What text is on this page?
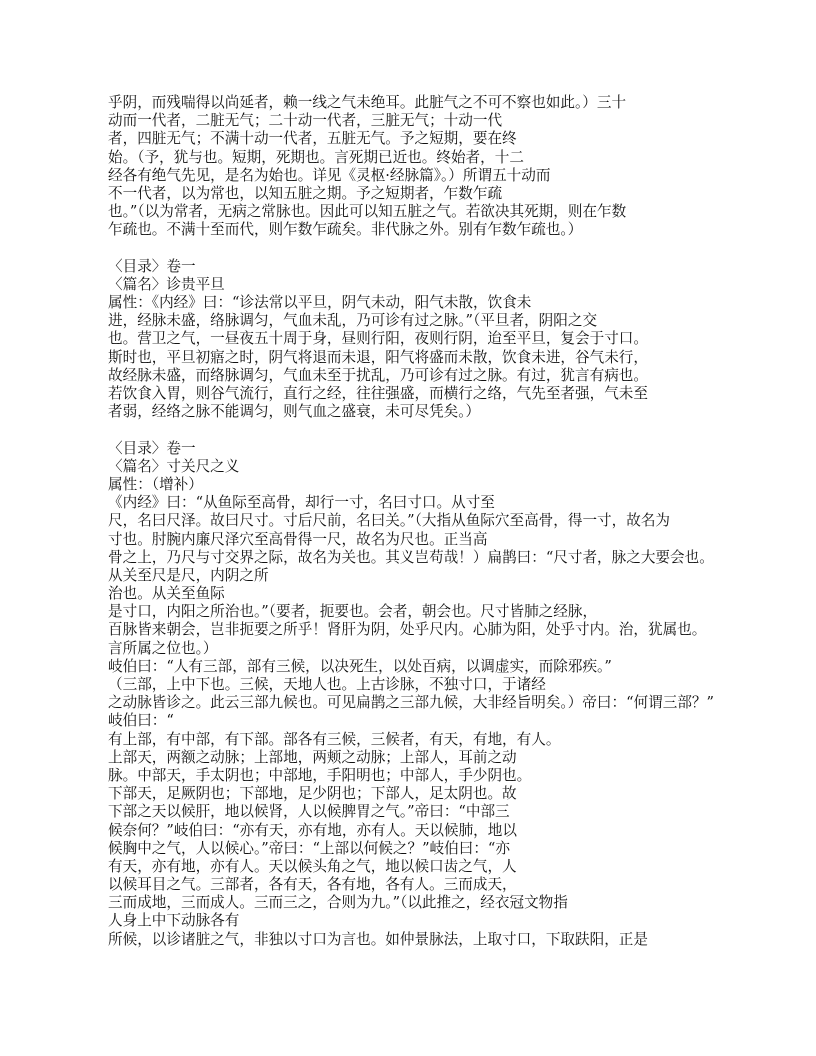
乎阴，而残喘得以尚延者，赖一线之气未绝耳。此脏气之不可不察也如此。）三十
动而一代者，二脏无气；二十动一代者，三脏无气；十动一代
者，四脏无气；不满十动一代者，五脏无气。予之短期，要在终
始。（予，犹与也。短期，死期也。言死期已近也。终始者，十二
经各有绝气先见，是名为始也。详见《灵枢·经脉篇》。）所谓五十动而
不一代者，以为常也，以知五脏之期。予之短期者，乍数乍疏
也。”（以为常者，无病之常脉也。因此可以知五脏之气。若欲决其死期，则在乍数
乍疏也。不满十至而代，则乍数乍疏矣。非代脉之外。别有乍数乍疏也。）
〈目录〉卷一
〈篇名〉诊贵平旦
属性：《内经》曰：“诊法常以平旦，阴气未动，阳气未散，饮食未
进，经脉未盛，络脉调匀，气血未乱，乃可诊有过之脉。”（平旦者，阴阳之交
也。营卫之气，一昼夜五十周于身，昼则行阳，夜则行阴，迨至平旦，复会于寸口。
斯时也，平旦初寤之时，阴气将退而未退，阳气将盛而未散，饮食未进，谷气未行，
故经脉未盛，而络脉调匀，气血未至于扰乱，乃可诊有过之脉。有过，犹言有病也。
若饮食入胃，则谷气流行，直行之经，往往强盛，而横行之络，气先至者强，气未至
者弱，经络之脉不能调匀，则气血之盛衰，未可尽凭矣。）
〈目录〉卷一
〈篇名〉寸关尺之义
属性：（增补）
《内经》曰：“从鱼际至高骨，却行一寸，名曰寸口。从寸至
尺，名曰尺泽。故曰尺寸。寸后尺前，名曰关。”（大指从鱼际穴至高骨，得一寸，故名为
寸也。肘腕内廉尺泽穴至高骨得一尺，故名为尺也。正当高
骨之上，乃尺与寸交界之际，故名为关也。其义岂苟哉！）扁鹊曰：“尺寸者，脉之大要会也。
从关至尺是尺，内阴之所
治也。从关至鱼际
是寸口，内阳之所治也。”（要者，扼要也。会者，朝会也。尺寸皆肺之经脉，
百脉皆来朝会，岂非扼要之所乎！肾肝为阴，处乎尺内。心肺为阳，处乎寸内。治，犹属也。
言所属之位也。）
岐伯曰：“人有三部，部有三候，以决死生，以处百病，以调虚实，而除邪疾。”
（三部，上中下也。三候，天地人也。上古诊脉，不独寸口，于诸经
之动脉皆诊之。此云三部九候也。可见扁鹊之三部九候，大非经旨明矣。）帝曰：“何谓三部？”
岐伯曰：“
有上部，有中部，有下部。部各有三候，三候者，有天，有地，有人。
上部天，两额之动脉；上部地，两颊之动脉；上部人，耳前之动
脉。中部天，手太阴也；中部地，手阳明也；中部人，手少阴也。
下部天，足厥阴也；下部地，足少阴也；下部人，足太阴也。故
下部之天以候肝，地以候肾，人以候脾胃之气。”帝曰：“中部三
候奈何？”岐伯曰：“亦有天，亦有地，亦有人。天以候肺，地以
候胸中之气，人以候心。”帝曰：“上部以何候之？”岐伯曰：“亦
有天，亦有地，亦有人。天以候头角之气，地以候口齿之气，人
以候耳目之气。三部者，各有天，各有地，各有人。三而成天，
三而成地，三而成人。三而三之，合则为九。”（以此推之，经衣冠文物指
人身上中下动脉各有
所候，以诊诸脏之气，非独以寸口为言也。如仲景脉法，上取寸口，下取趺阳，正是
